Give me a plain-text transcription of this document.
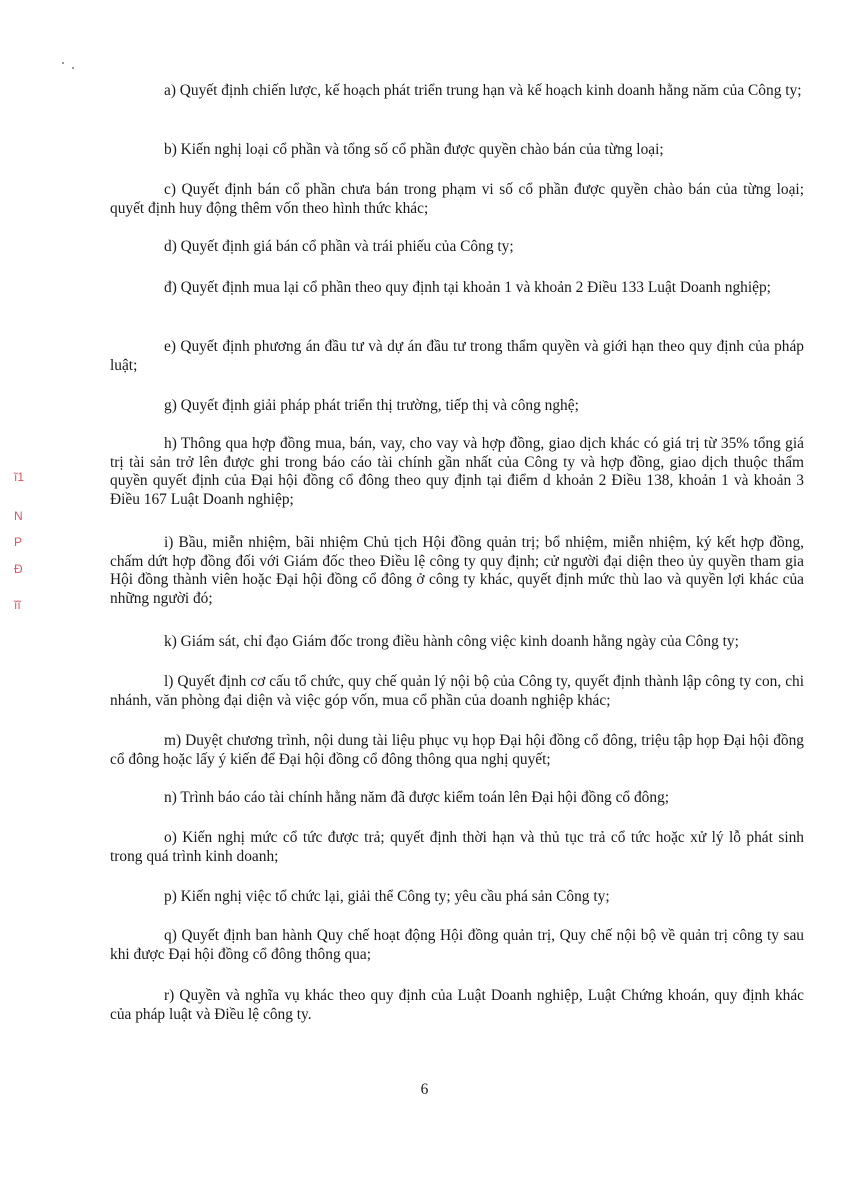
ĩ1
N
P
Ð
ĩĩ

a) Quyết định chiến lược, kế hoạch phát triển trung hạn và kế hoạch kinh doanh hằng năm của Công ty;

b) Kiến nghị loại cổ phần và tổng số cổ phần được quyền chào bán của từng loại;

c) Quyết định bán cổ phần chưa bán trong phạm vi số cổ phần được quyền chào bán của từng loại; quyết định huy động thêm vốn theo hình thức khác;

d) Quyết định giá bán cổ phần và trái phiếu của Công ty;

đ) Quyết định mua lại cổ phần theo quy định tại khoản 1 và khoản 2 Điều 133 Luật Doanh nghiệp;

e) Quyết định phương án đầu tư và dự án đầu tư trong thẩm quyền và giới hạn theo quy định của pháp luật;

g) Quyết định giải pháp phát triển thị trường, tiếp thị và công nghệ;

h) Thông qua hợp đồng mua, bán, vay, cho vay và hợp đồng, giao dịch khác có giá trị từ 35% tổng giá trị tài sản trở lên được ghi trong báo cáo tài chính gần nhất của Công ty và hợp đồng, giao dịch thuộc thẩm quyền quyết định của Đại hội đồng cổ đông theo quy định tại điểm d khoản 2 Điều 138, khoản 1 và khoản 3 Điều 167 Luật Doanh nghiệp;

i) Bầu, miễn nhiệm, bãi nhiệm Chủ tịch Hội đồng quản trị; bổ nhiệm, miễn nhiệm, ký kết hợp đồng, chấm dứt hợp đồng đối với Giám đốc theo Điều lệ công ty quy định; cử người đại diện theo ủy quyền tham gia Hội đồng thành viên hoặc Đại hội đồng cổ đông ở công ty khác, quyết định mức thù lao và quyền lợi khác của những người đó;

k) Giám sát, chỉ đạo Giám đốc trong điều hành công việc kinh doanh hằng ngày của Công ty;

l) Quyết định cơ cấu tổ chức, quy chế quản lý nội bộ của Công ty, quyết định thành lập công ty con, chi nhánh, văn phòng đại diện và việc góp vốn, mua cổ phần của doanh nghiệp khác;

m) Duyệt chương trình, nội dung tài liệu phục vụ họp Đại hội đồng cổ đông, triệu tập họp Đại hội đồng cổ đông hoặc lấy ý kiến để Đại hội đồng cổ đông thông qua nghị quyết;

n) Trình báo cáo tài chính hằng năm đã được kiểm toán lên Đại hội đồng cổ đông;

o) Kiến nghị mức cổ tức được trả; quyết định thời hạn và thủ tục trả cổ tức hoặc xử lý lỗ phát sinh trong quá trình kinh doanh;

p) Kiến nghị việc tổ chức lại, giải thể Công ty; yêu cầu phá sản Công ty;

q) Quyết định ban hành Quy chế hoạt động Hội đồng quản trị, Quy chế nội bộ về quản trị công ty sau khi được Đại hội đồng cổ đông thông qua;

r) Quyền và nghĩa vụ khác theo quy định của Luật Doanh nghiệp, Luật Chứng khoán, quy định khác của pháp luật và Điều lệ công ty.

6
